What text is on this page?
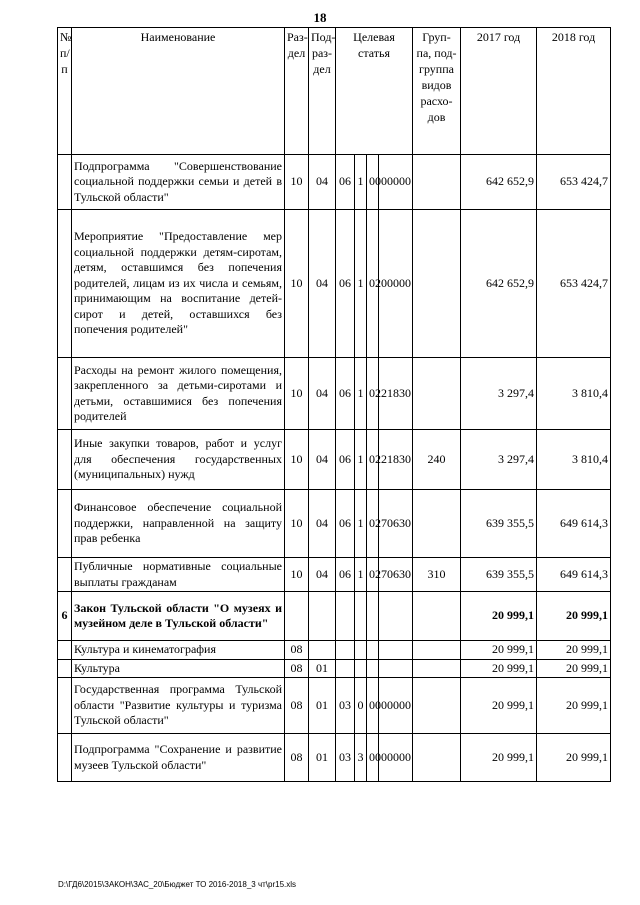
18
№ п/п	Наименование	Раз-дел	Под-раз-дел	Целевая статья				Груп-па, под-группа видов расхо-дов	2017 год	2018 год
	Подпрограмма "Совершенствование социальной поддержки семьи и детей в Тульской области"	10	04	06	1	00	00000		642 652,9	653 424,7
	Мероприятие "Предоставление мер социальной поддержки детям-сиротам, детям, оставшимся без попечения родителей, лицам из их числа и семьям, принимающим на воспитание детей-сирот и детей, оставшихся без попечения родителей"	10	04	06	1	02	00000		642 652,9	653 424,7
	Расходы на ремонт жилого помещения, закрепленного за детьми-сиротами и детьми, оставшимися без попечения родителей	10	04	06	1	02	21830		3 297,4	3 810,4
	Иные закупки товаров, работ и услуг для обеспечения государственных (муниципальных) нужд	10	04	06	1	02	21830	240	3 297,4	3 810,4
	Финансовое обеспечение социальной поддержки, направленной на защиту прав ребенка	10	04	06	1	02	70630		639 355,5	649 614,3
	Публичные нормативные социальные выплаты гражданам	10	04	06	1	02	70630	310	639 355,5	649 614,3
6	Закон Тульской области "О музеях и музейном деле в Тульской области"								20 999,1	20 999,1
	Культура и кинематография	08							20 999,1	20 999,1
	Культура	08	01						20 999,1	20 999,1
	Государственная программа Тульской области "Развитие культуры и туризма Тульской области"	08	01	03	0	00	00000		20 999,1	20 999,1
	Подпрограмма "Сохранение и развитие музеев Тульской области"	08	01	03	3	00	00000		20 999,1	20 999,1
D:\ГД6\2015\ЗАКОН\ЗАС_20\Бюджет ТО 2016-2018_3 чт\pr15.xls
